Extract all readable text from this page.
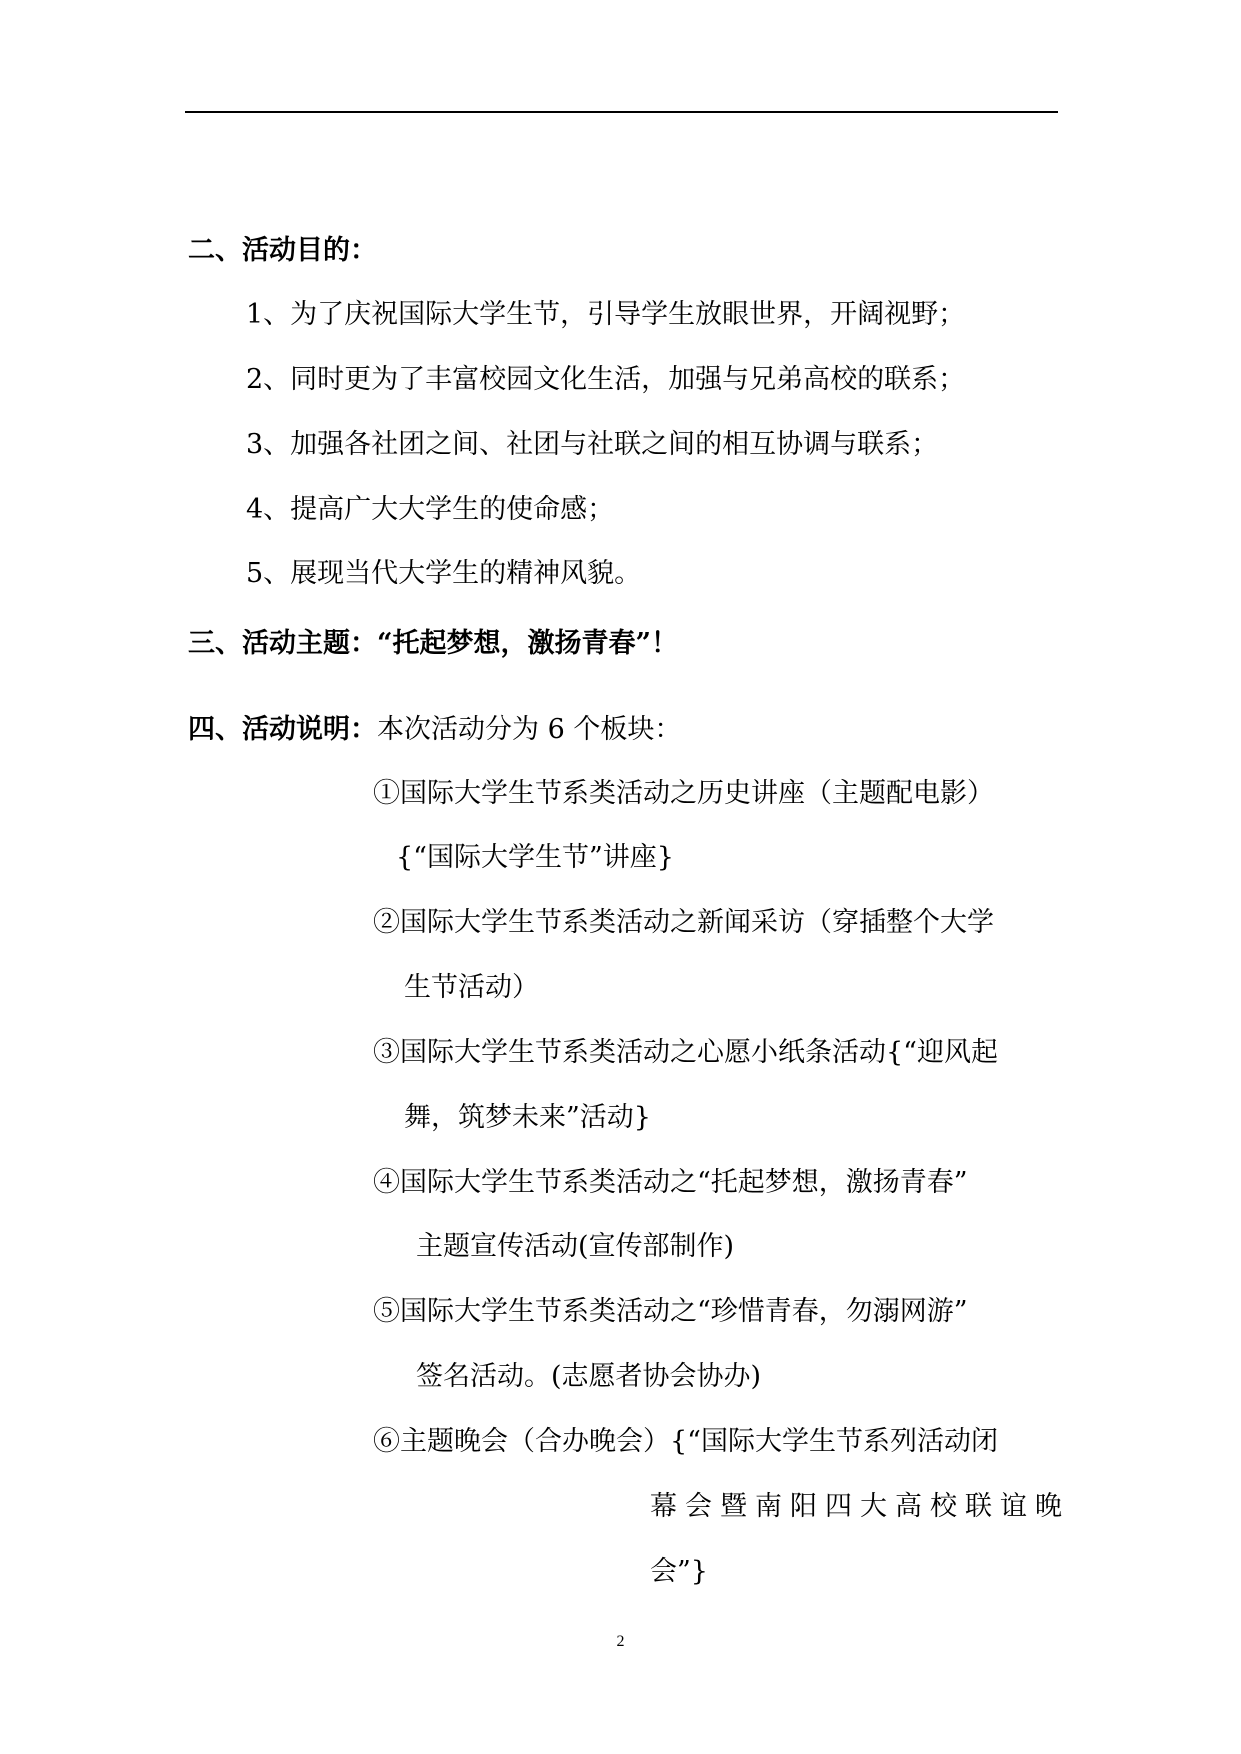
二、活动目的：
1、为了庆祝国际大学生节，引导学生放眼世界，开阔视野；
2、同时更为了丰富校园文化生活，加强与兄弟高校的联系；
3、加强各社团之间、社团与社联之间的相互协调与联系；
4、提高广大大学生的使命感；
5、展现当代大学生的精神风貌。
三、活动主题：“托起梦想，激扬青春”！
四、活动说明：本次活动分为 6 个板块：
①国际大学生节系类活动之历史讲座（主题配电影）
{“国际大学生节”讲座}
②国际大学生节系类活动之新闻采访（穿插整个大学
生节活动）
③国际大学生节系类活动之心愿小纸条活动{“迎风起
舞，筑梦未来”活动}
④国际大学生节系类活动之“托起梦想，激扬青春”
主题宣传活动(宣传部制作)
⑤国际大学生节系类活动之“珍惜青春，勿溺网游”
签名活动。(志愿者协会协办)
⑥主题晚会（合办晚会）{“国际大学生节系列活动闭
幕会暨南阳四大高校联谊晚
会”}
2
